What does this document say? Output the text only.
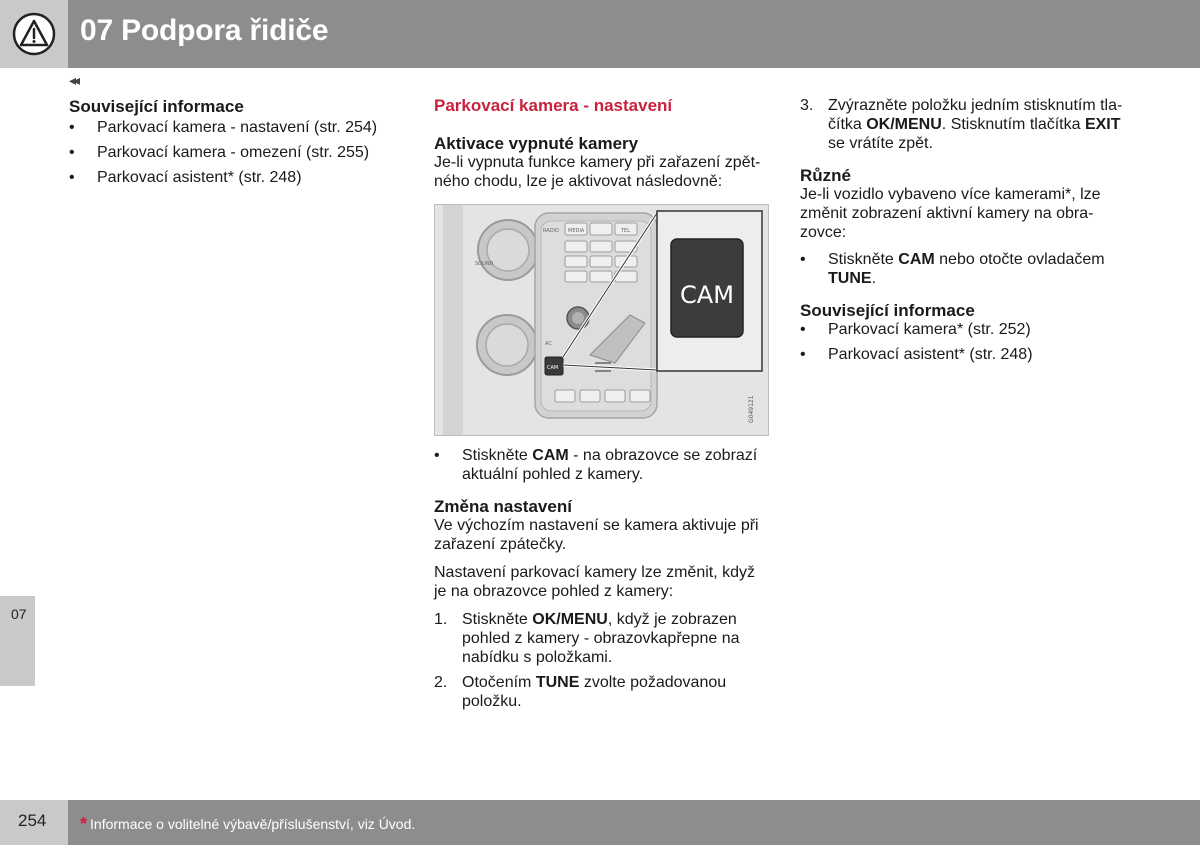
07 Podpora řidiče
◂◂
07

Související informace

• Parkovací kamera - nastavení (str. 254)
• Parkovací kamera - omezení (str. 255)
• Parkovací asistent* (str. 248)

Parkovací kamera - nastavení

Aktivace vypnuté kamery

Je-li vypnuta funkce kamery při zařazení zpět-ného chodu, lze je aktivovat následovně:

RADIO MEDIA	TEL
SOUND
AC
CAM
CAM
G049121
• Stiskněte CAM - na obrazovce se zobrazí aktuální pohled z kamery.

Změna nastavení

Ve výchozím nastavení se kamera aktivuje při zařazení zpátečky.

Nastavení parkovací kamery lze změnit, když je na obrazovce pohled z kamery:

1. Stiskněte OK/MENU, když je zobrazen pohled z kamery - obrazovkapřepne na nabídku s položkami.
2. Otočením TUNE zvolte požadovanou položku.
3. Zvýrazněte položku jedním stisknutím tla-čítka OK/MENU. Stisknutím tlačítka EXIT se vrátíte zpět.

Různé

Je-li vozidlo vybaveno více kamerami*, lze změnit zobrazení aktivní kamery na obra-zovce:

• Stiskněte CAM nebo otočte ovladačem TUNE.

Související informace

• Parkovací kamera* (str. 252)
• Parkovací asistent* (str. 248)
254 * Informace o volitelné výbavě/příslušenství, viz Úvod.
